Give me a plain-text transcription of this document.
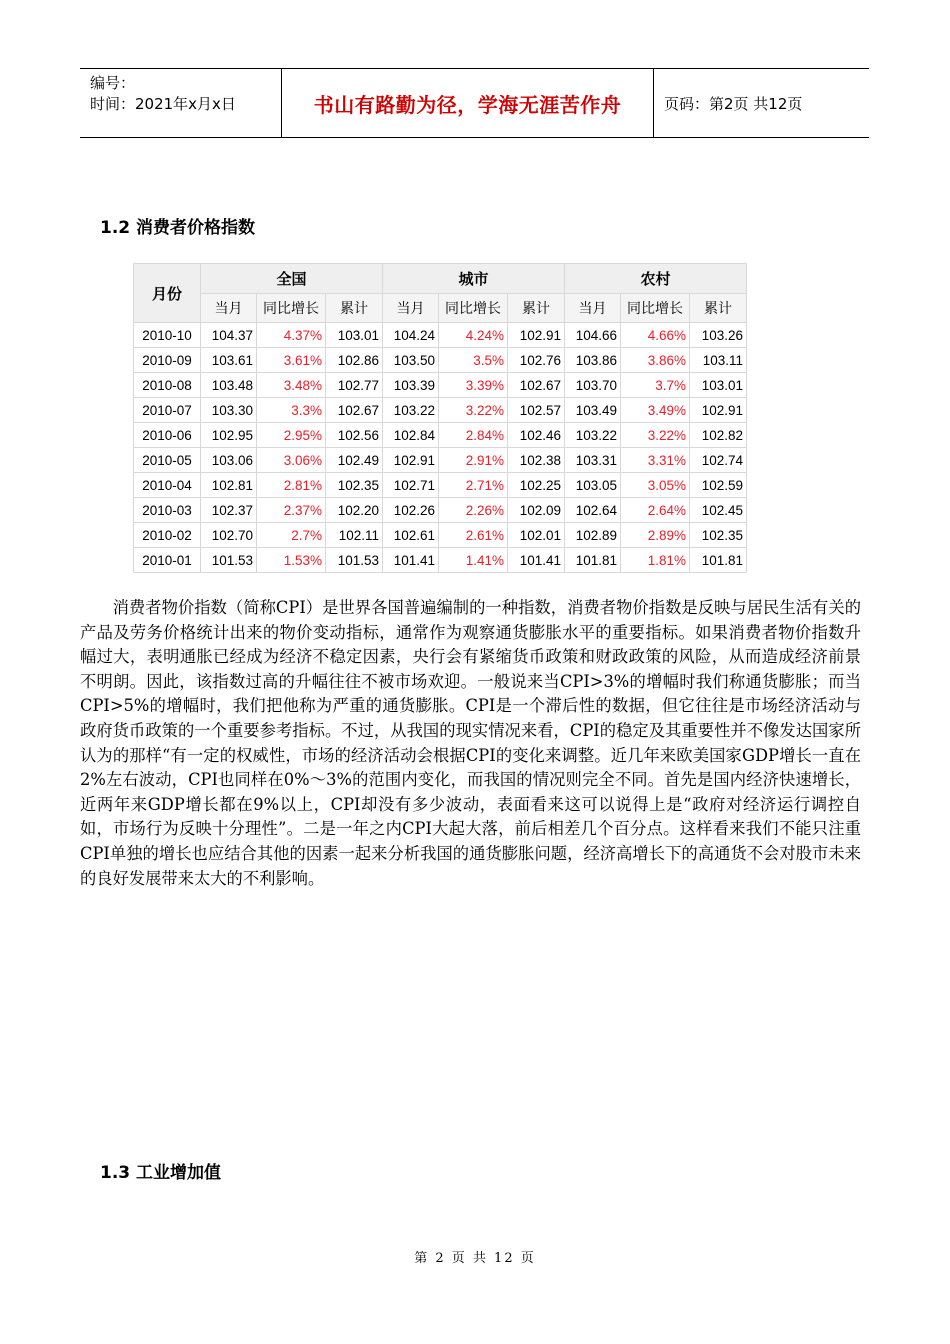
编号：
时间：2021年x月x日	书山有路勤为径，学海无涯苦作舟	页码：第2页 共12页
1.2 消费者价格指数
月份	全国			城市			农村		
	当月	同比增长	累计	当月	同比增长	累计	当月	同比增长	累计
2010-10	104.37	4.37%	103.01	104.24	4.24%	102.91	104.66	4.66%	103.26
2010-09	103.61	3.61%	102.86	103.50	3.5%	102.76	103.86	3.86%	103.11
2010-08	103.48	3.48%	102.77	103.39	3.39%	102.67	103.70	3.7%	103.01
2010-07	103.30	3.3%	102.67	103.22	3.22%	102.57	103.49	3.49%	102.91
2010-06	102.95	2.95%	102.56	102.84	2.84%	102.46	103.22	3.22%	102.82
2010-05	103.06	3.06%	102.49	102.91	2.91%	102.38	103.31	3.31%	102.74
2010-04	102.81	2.81%	102.35	102.71	2.71%	102.25	103.05	3.05%	102.59
2010-03	102.37	2.37%	102.20	102.26	2.26%	102.09	102.64	2.64%	102.45
2010-02	102.70	2.7%	102.11	102.61	2.61%	102.01	102.89	2.89%	102.35
2010-01	101.53	1.53%	101.53	101.41	1.41%	101.41	101.81	1.81%	101.81

消费者物价指数（简称CPI）是世界各国普遍编制的一种指数，消费者物价指数是反映与居民生活有关的产品及劳务价格统计出来的物价变动指标，通常作为观察通货膨胀水平的重要指标。如果消费者物价指数升幅过大，表明通胀已经成为经济不稳定因素，央行会有紧缩货币政策和财政政策的风险，从而造成经济前景不明朗。因此，该指数过高的升幅往往不被市场欢迎。一般说来当CPI>3%的增幅时我们称通货膨胀；而当CPI>5%的增幅时，我们把他称为严重的通货膨胀。CPI是一个滞后性的数据，但它往往是市场经济活动与政府货币政策的一个重要参考指标。不过，从我国的现实情况来看，CPI的稳定及其重要性并不像发达国家所认为的那样“有一定的权威性，市场的经济活动会根据CPI的变化来调整。近几年来欧美国家GDP增长一直在2%左右波动，CPI也同样在0%～3%的范围内变化，而我国的情况则完全不同。首先是国内经济快速增长，近两年来GDP增长都在9%以上，CPI却没有多少波动，表面看来这可以说得上是“政府对经济运行调控自如，市场行为反映十分理性”。二是一年之内CPI大起大落，前后相差几个百分点。这样看来我们不能只注重CPI单独的增长也应结合其他的因素一起来分析我国的通货膨胀问题，经济高增长下的高通货不会对股市未来的良好发展带来太大的不利影响。

1.3 工业增加值
第 2 页 共 12 页
